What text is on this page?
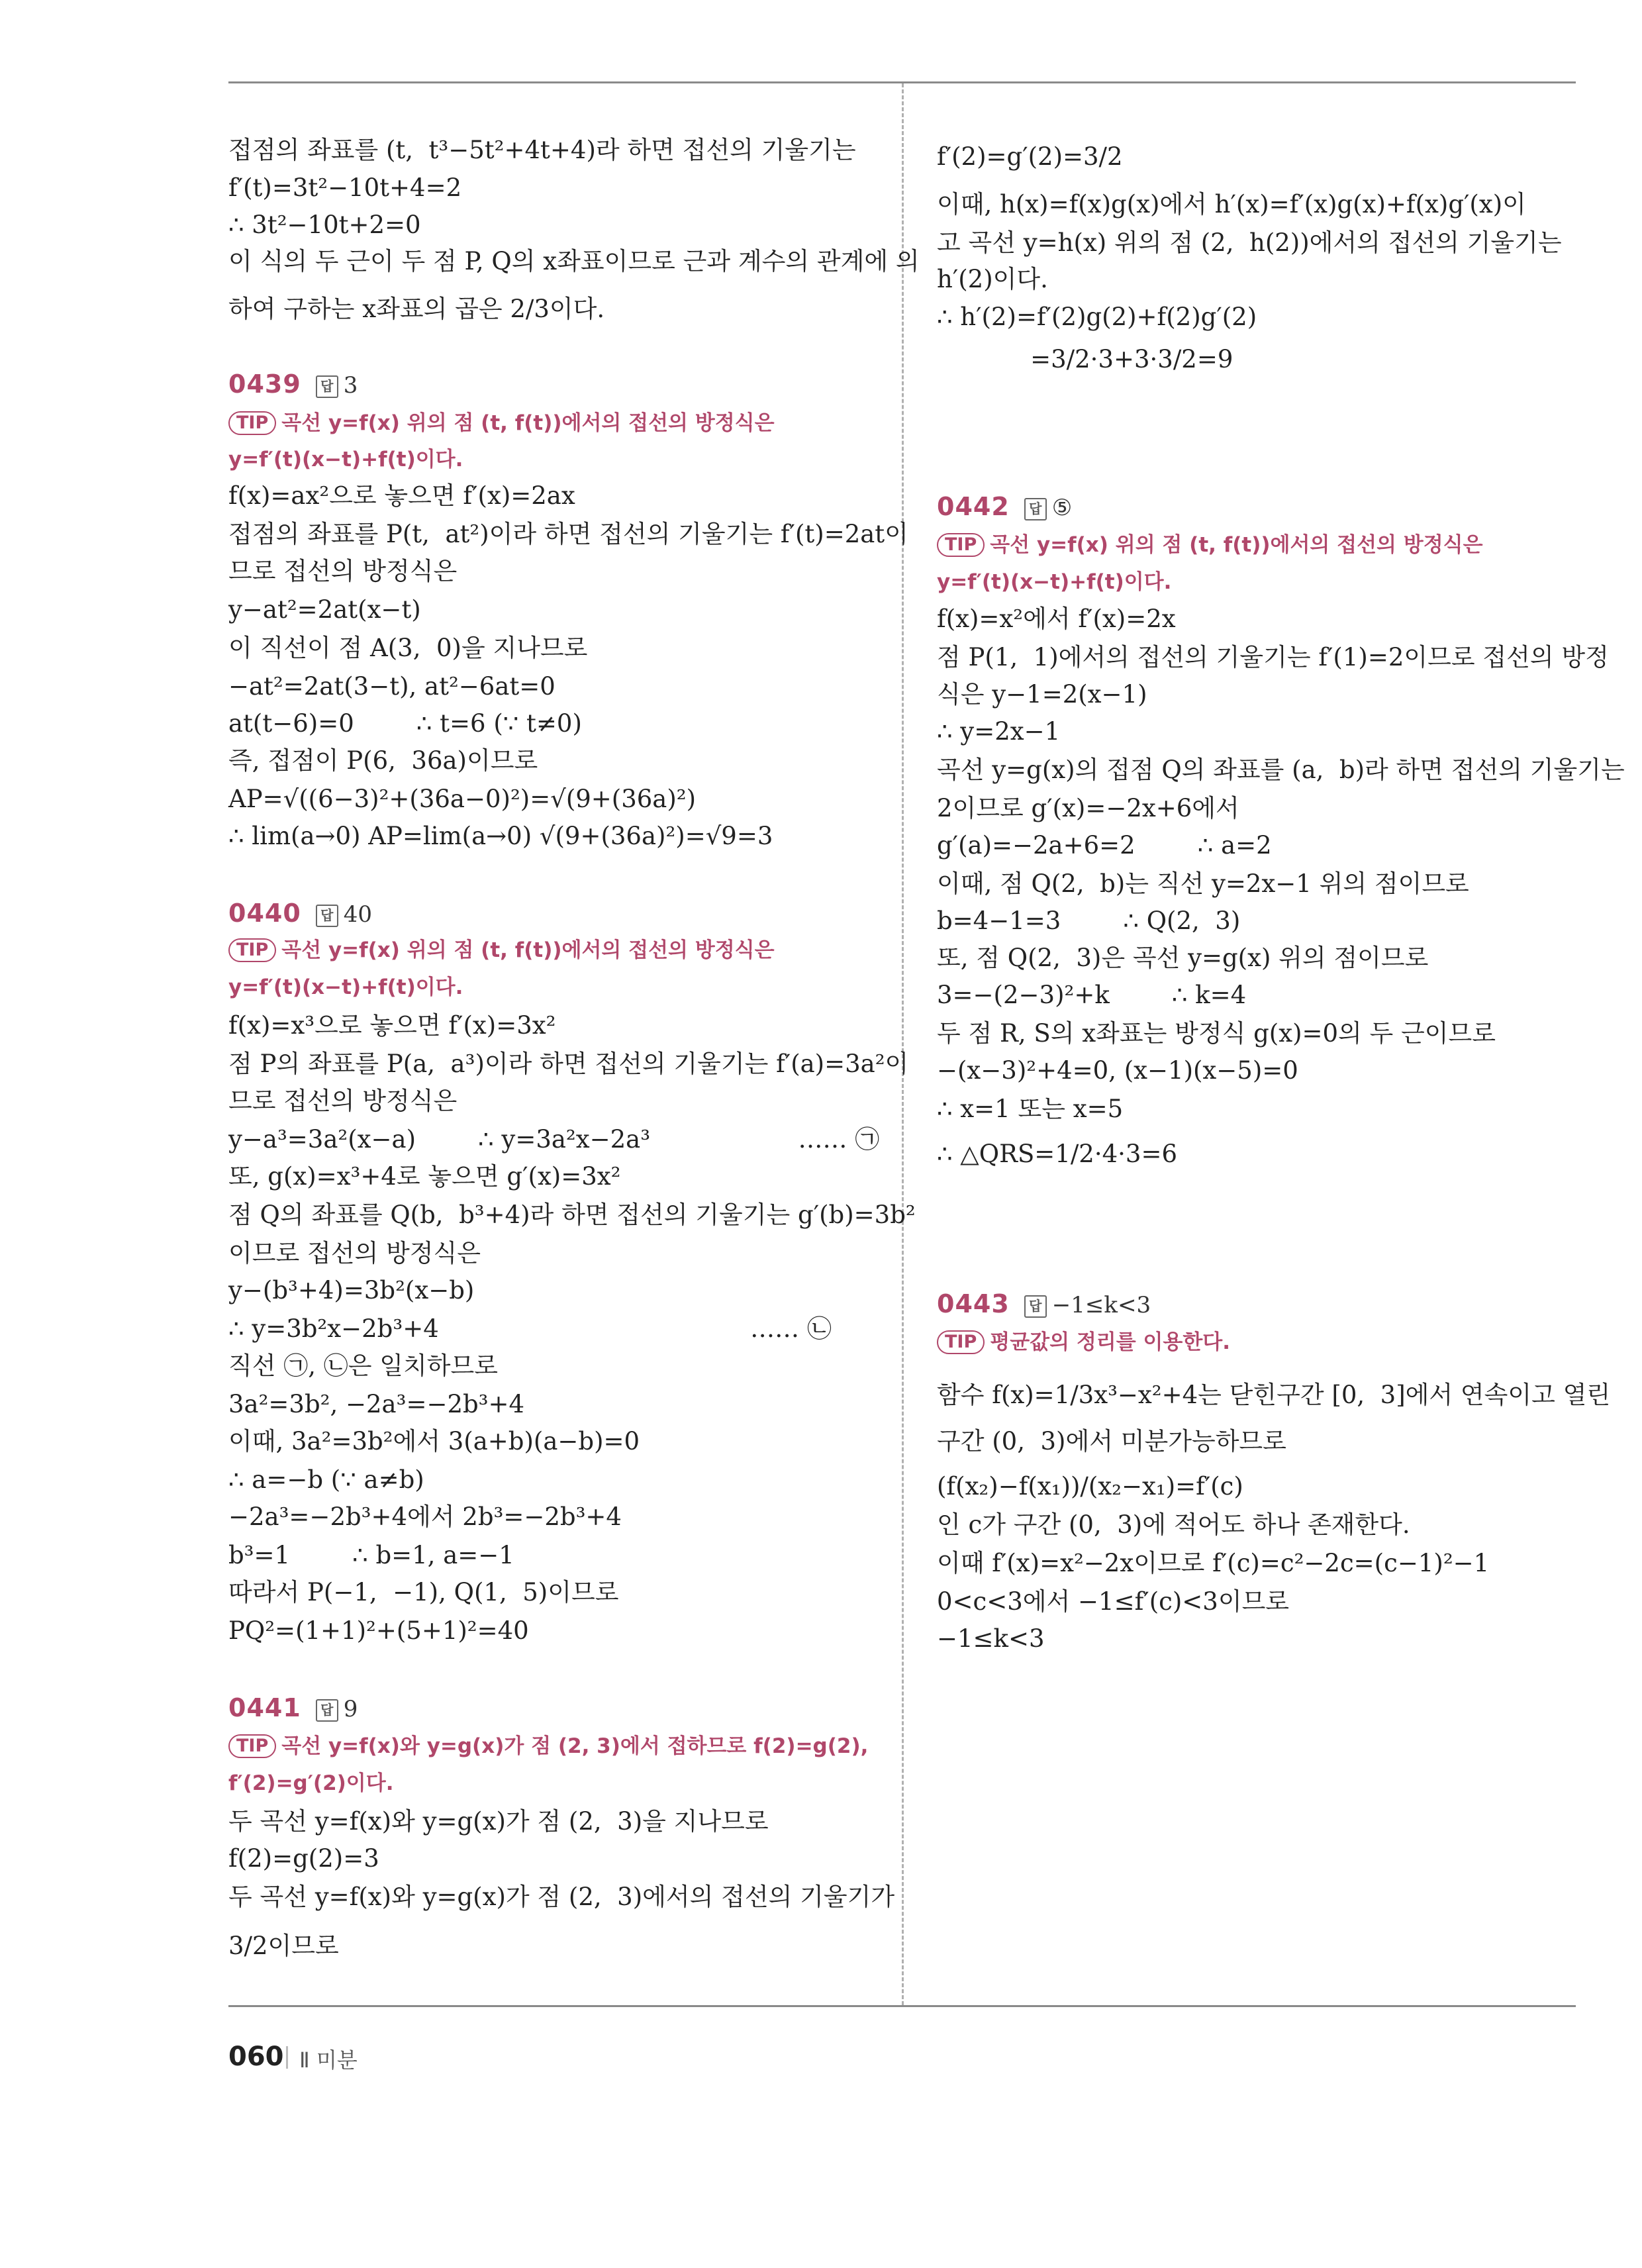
접점의 좌표를 (t,  t³−5t²+4t+4)라 하면 접선의 기울기는
f′(t)=3t²−10t+4=2
∴ 3t²−10t+2=0
이 식의 두 근이 두 점 P, Q의 x좌표이므로 근과 계수의 관계에 의
하여 구하는 x좌표의 곱은 2/3이다.
0439 답 3
TIP 곡선 y=f(x) 위의 점 (t, f(t))에서의 접선의 방정식은
y=f′(t)(x−t)+f(t)이다.
f(x)=ax²으로 놓으면 f′(x)=2ax
접점의 좌표를 P(t,  at²)이라 하면 접선의 기울기는 f′(t)=2at이
므로 접선의 방정식은
y−at²=2at(x−t)
이 직선이 점 A(3,  0)을 지나므로
−at²=2at(3−t), at²−6at=0
at(t−6)=0        ∴ t=6 (∵ t≠0)
즉, 접점이 P(6,  36a)이므로
AP=√((6−3)²+(36a−0)²)=√(9+(36a)²)
∴ lim(a→0) AP=lim(a→0) √(9+(36a)²)=√9=3
0440 답 40
TIP 곡선 y=f(x) 위의 점 (t, f(t))에서의 접선의 방정식은
y=f′(t)(x−t)+f(t)이다.
f(x)=x³으로 놓으면 f′(x)=3x²
점 P의 좌표를 P(a,  a³)이라 하면 접선의 기울기는 f′(a)=3a²이
므로 접선의 방정식은
y−a³=3a²(x−a)        ∴ y=3a²x−2a³                   …… ㉠
또, g(x)=x³+4로 놓으면 g′(x)=3x²
점 Q의 좌표를 Q(b,  b³+4)라 하면 접선의 기울기는 g′(b)=3b²
이므로 접선의 방정식은
y−(b³+4)=3b²(x−b)
∴ y=3b²x−2b³+4                                        …… ㉡
직선 ㉠, ㉡은 일치하므로
3a²=3b², −2a³=−2b³+4
이때, 3a²=3b²에서 3(a+b)(a−b)=0
∴ a=−b (∵ a≠b)
−2a³=−2b³+4에서 2b³=−2b³+4
b³=1        ∴ b=1, a=−1
따라서 P(−1,  −1), Q(1,  5)이므로
PQ²=(1+1)²+(5+1)²=40
0441 답 9
TIP 곡선 y=f(x)와 y=g(x)가 점 (2, 3)에서 접하므로 f(2)=g(2),
f′(2)=g′(2)이다.
두 곡선 y=f(x)와 y=g(x)가 점 (2,  3)을 지나므로
f(2)=g(2)=3
두 곡선 y=f(x)와 y=g(x)가 점 (2,  3)에서의 접선의 기울기가
3/2이므로
f′(2)=g′(2)=3/2
이때, h(x)=f(x)g(x)에서 h′(x)=f′(x)g(x)+f(x)g′(x)이
고 곡선 y=h(x) 위의 점 (2,  h(2))에서의 접선의 기울기는
h′(2)이다.
∴ h′(2)=f′(2)g(2)+f(2)g′(2)
=3/2·3+3·3/2=9
0442 답 ⑤
TIP 곡선 y=f(x) 위의 점 (t, f(t))에서의 접선의 방정식은
y=f′(t)(x−t)+f(t)이다.
f(x)=x²에서 f′(x)=2x
점 P(1,  1)에서의 접선의 기울기는 f′(1)=2이므로 접선의 방정
식은 y−1=2(x−1)
∴ y=2x−1
곡선 y=g(x)의 접점 Q의 좌표를 (a,  b)라 하면 접선의 기울기는
2이므로 g′(x)=−2x+6에서
g′(a)=−2a+6=2        ∴ a=2
이때, 점 Q(2,  b)는 직선 y=2x−1 위의 점이므로
b=4−1=3        ∴ Q(2,  3)
또, 점 Q(2,  3)은 곡선 y=g(x) 위의 점이므로
3=−(2−3)²+k        ∴ k=4
두 점 R, S의 x좌표는 방정식 g(x)=0의 두 근이므로
−(x−3)²+4=0, (x−1)(x−5)=0
∴ x=1 또는 x=5
∴ △QRS=1/2·4·3=6
0443 답 −1≤k<3
TIP 평균값의 정리를 이용한다.
함수 f(x)=1/3x³−x²+4는 닫힌구간 [0,  3]에서 연속이고 열린
구간 (0,  3)에서 미분가능하므로
(f(x₂)−f(x₁))/(x₂−x₁)=f′(c)
인 c가 구간 (0,  3)에 적어도 하나 존재한다.
이때 f′(x)=x²−2x이므로 f′(c)=c²−2c=(c−1)²−1
0<c<3에서 −1≤f′(c)<3이므로
−1≤k<3
060 Ⅱ 미분
